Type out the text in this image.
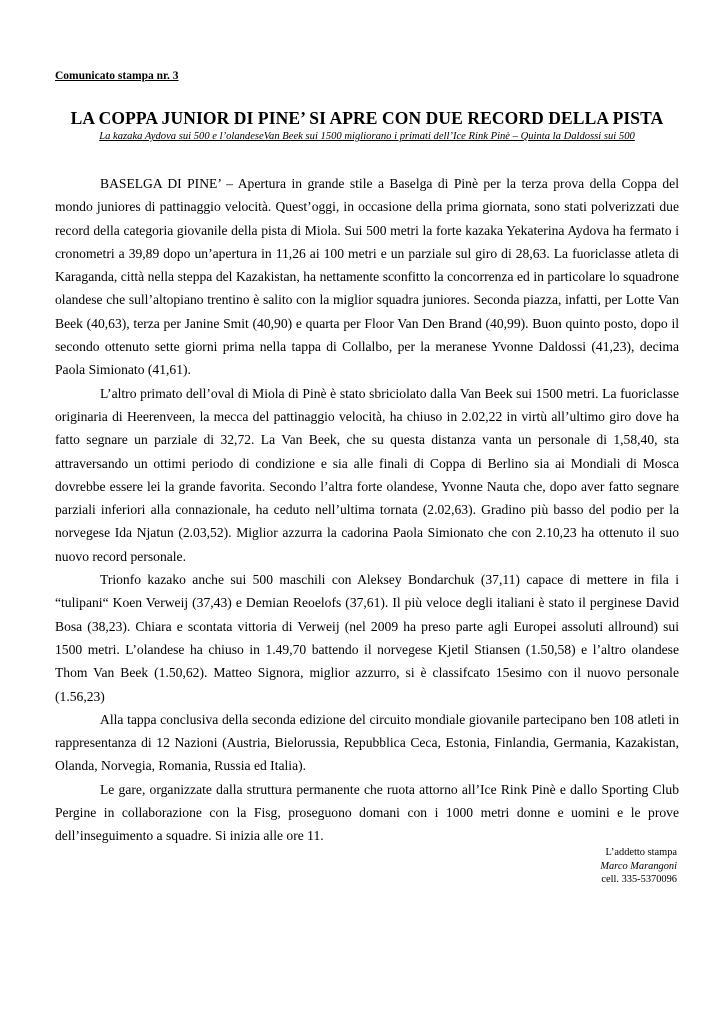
Comunicato stampa nr. 3
LA COPPA JUNIOR DI PINE’ SI APRE CON DUE RECORD DELLA PISTA
La kazaka Aydova sui 500 e l’olandeseVan Beek sui 1500 migliorano i primati dell’Ice Rink Pinè – Quinta la Daldossi sui 500

BASELGA DI PINE’ – Apertura in grande stile a Baselga di Pinè per la terza prova della Coppa del mondo juniores di pattinaggio velocità. Quest’oggi, in occasione della prima giornata, sono stati polverizzati due record della categoria giovanile della pista di Miola. Sui 500 metri la forte kazaka Yekaterina Aydova ha fermato i cronometri a 39,89 dopo un’apertura in 11,26 ai 100 metri e un parziale sul giro di 28,63. La fuoriclasse atleta di Karaganda, città nella steppa del Kazakistan, ha nettamente sconfitto la concorrenza ed in particolare lo squadrone olandese che sull’altopiano trentino è salito con la miglior squadra juniores. Seconda piazza, infatti, per Lotte Van Beek (40,63), terza per Janine Smit (40,90) e quarta per Floor Van Den Brand (40,99). Buon quinto posto, dopo il secondo ottenuto sette giorni prima nella tappa di Collalbo, per la meranese Yvonne Daldossi (41,23), decima Paola Simionato (41,61).

L’altro primato dell’oval di Miola di Pinè è stato sbriciolato dalla Van Beek sui 1500 metri. La fuoriclasse originaria di Heerenveen, la mecca del pattinaggio velocità, ha chiuso in 2.02,22 in virtù all’ultimo giro dove ha fatto segnare un parziale di 32,72. La Van Beek, che su questa distanza vanta un personale di 1,58,40, sta attraversando un ottimi periodo di condizione e sia alle finali di Coppa di Berlino sia ai Mondiali di Mosca dovrebbe essere lei la grande favorita. Secondo l’altra forte olandese, Yvonne Nauta che, dopo aver fatto segnare parziali inferiori alla connazionale, ha ceduto nell’ultima tornata (2.02,63). Gradino più basso del podio per la norvegese Ida Njatun (2.03,52). Miglior azzurra la cadorina Paola Simionato che con 2.10,23 ha ottenuto il suo nuovo record personale.

Trionfo kazako anche sui 500 maschili con Aleksey Bondarchuk (37,11) capace di mettere in fila i “tulipani“ Koen Verweij (37,43) e Demian Reoelofs (37,61). Il più veloce degli italiani è stato il perginese David Bosa (38,23). Chiara e scontata vittoria di Verweij (nel 2009 ha preso parte agli Europei assoluti allround) sui 1500 metri. L’olandese ha chiuso in 1.49,70 battendo il norvegese Kjetil Stiansen (1.50,58) e l’altro olandese Thom Van Beek (1.50,62). Matteo Signora, miglior azzurro, si è classifcato 15esimo con il nuovo personale (1.56,23)

Alla tappa conclusiva della seconda edizione del circuito mondiale giovanile partecipano ben 108 atleti in rappresentanza di 12 Nazioni (Austria, Bielorussia, Repubblica Ceca, Estonia, Finlandia, Germania, Kazakistan, Olanda, Norvegia, Romania, Russia ed Italia).

Le gare, organizzate dalla struttura permanente che ruota attorno all’Ice Rink Pinè e dallo Sporting Club Pergine in collaborazione con la Fisg, proseguono domani con i 1000 metri donne e uomini e le prove dell’inseguimento a squadre. Si inizia alle ore 11.

L’addetto stampa
Marco Marangoni
cell. 335-5370096
